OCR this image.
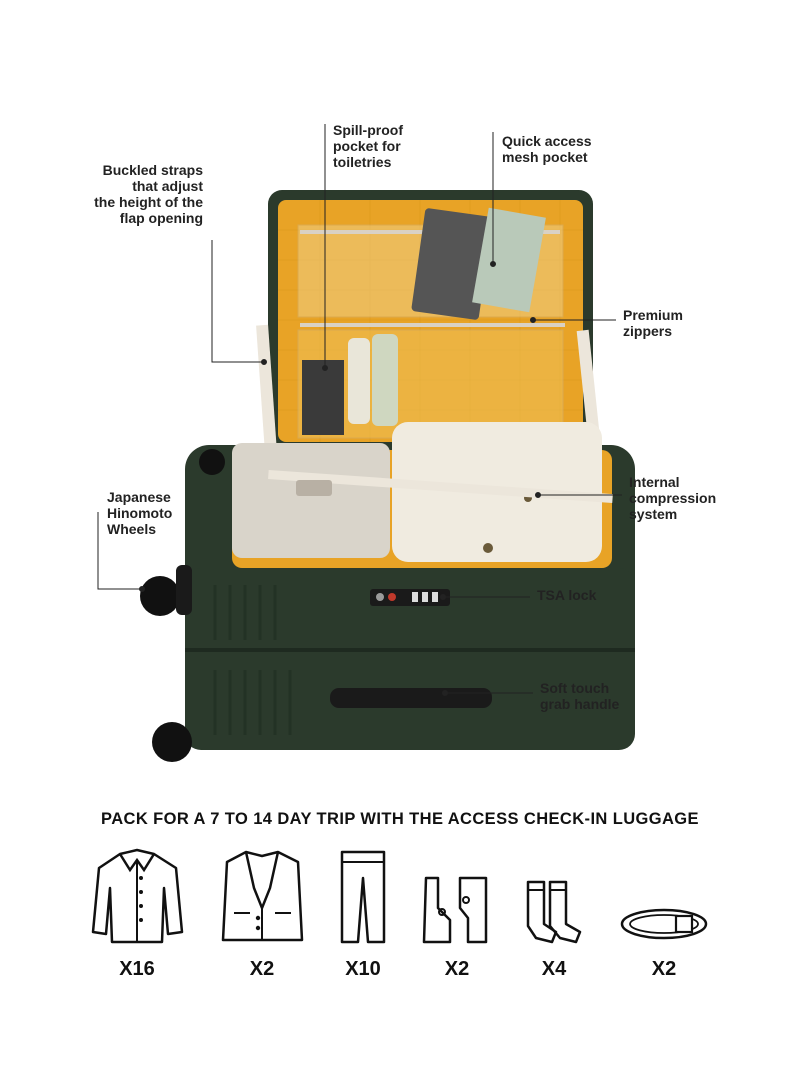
Buckled straps
that adjust
the height of the
flap opening
Spill-proof
pocket for
toiletries
Quick access
mesh pocket
Premium
zippers
Japanese
Hinomoto
Wheels
Internal
compression
system
TSA lock
Soft touch
grab handle
PACK FOR A 7 TO 14 DAY TRIP WITH THE ACCESS CHECK-IN LUGGAGE
X16	X2	X10	X2	X4	X2
